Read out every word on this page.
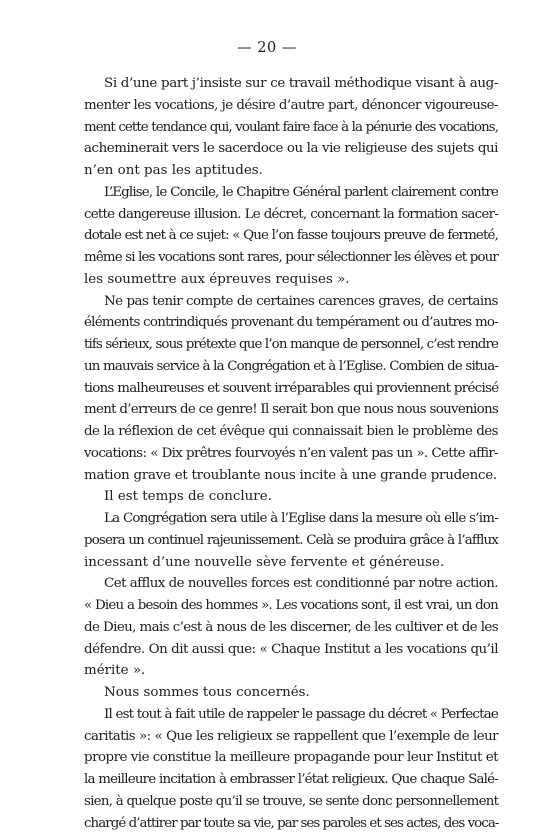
— 20 —
Si d’une part j’insiste sur ce travail méthodique visant à aug-
menter les vocations, je désire d’autre part, dénoncer vigoureuse-
ment cette tendance qui, voulant faire face à la pénurie des vocations,
acheminerait vers le sacerdoce ou la vie religieuse des sujets qui
n’en ont pas les aptitudes.
L’Eglise, le Concile, le Chapitre Général parlent clairement contre
cette dangereuse illusion. Le décret, concernant la formation sacer-
dotale est net à ce sujet: « Que l’on fasse toujours preuve de fermeté,
même si les vocations sont rares, pour sélectionner les élèves et pour
les soumettre aux épreuves requises ».
Ne pas tenir compte de certaines carences graves, de certains
éléments contrindiqués provenant du tempérament ou d’autres mo-
tifs sérieux, sous prétexte que l’on manque de personnel, c’est rendre
un mauvais service à la Congrégation et à l’Eglise. Combien de situa-
tions malheureuses et souvent irréparables qui proviennent précisé
ment d’erreurs de ce genre! Il serait bon que nous nous souvenions
de la réflexion de cet évêque qui connaissait bien le problème des
vocations: « Dix prêtres fourvoyés n’en valent pas un ». Cette affir-
mation grave et troublante nous incite à une grande prudence.
Il est temps de conclure.
La Congrégation sera utile à l’Eglise dans la mesure où elle s’im-
posera un continuel rajeunissement. Celà se produira grâce à l’afflux
incessant d’une nouvelle sève fervente et généreuse.
Cet afflux de nouvelles forces est conditionné par notre action.
« Dieu a besoin des hommes ». Les vocations sont, il est vrai, un don
de Dieu, mais c’est à nous de les discerner, de les cultiver et de les
défendre. On dit aussi que: « Chaque Institut a les vocations qu’il
mérite ».
Nous sommes tous concernés.
Il est tout à fait utile de rappeler le passage du décret « Perfectae
caritatis »: « Que les religieux se rappellent que l’exemple de leur
propre vie constitue la meilleure propagande pour leur Institut et
la meilleure incitation à embrasser l’état religieux. Que chaque Salé-
sien, à quelque poste qu’il se trouve, se sente donc personnellement
chargé d’attirer par toute sa vie, par ses paroles et ses actes, des voca-
